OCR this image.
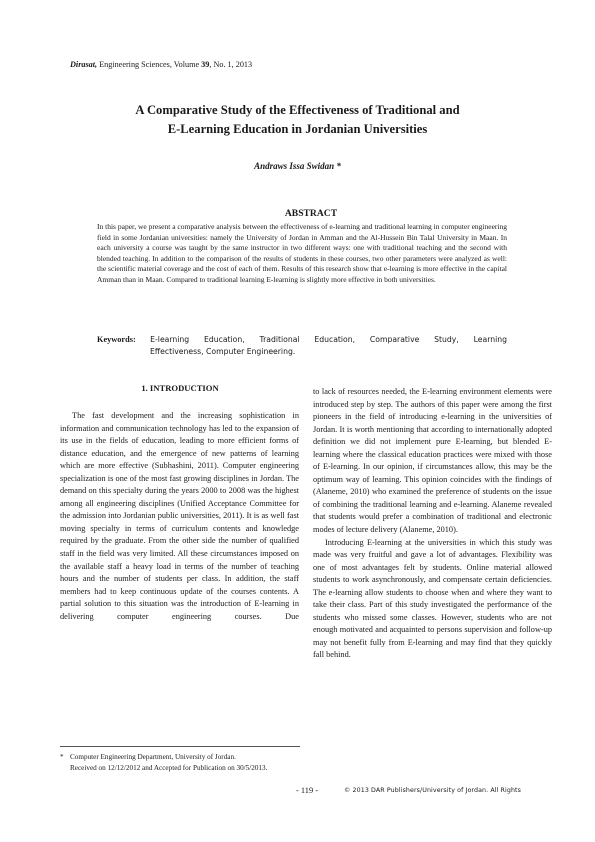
Dirasat, Engineering Sciences, Volume 39, No. 1, 2013
A Comparative Study of the Effectiveness of Traditional and
E-Learning Education in Jordanian Universities
Andraws Issa Swidan *
ABSTRACT
In this paper, we present a comparative analysis between the effectiveness of e-learning and traditional learning in computer engineering field in some Jordanian universities: namely the University of Jordan in Amman and the Al-Hussein Bin Talal University in Maan. In each university a course was taught by the same instructor in two different ways: one with traditional teaching and the second with blended teaching. In addition to the comparison of the results of students in these courses, two other parameters were analyzed as well: the scientific material coverage and the cost of each of them. Results of this research show that e-learning is more effective in the capital Amman than in Maan. Compared to traditional learning E-learning is slightly more effective in both universities.
Keywords: E-learning Education, Traditional Education, Comparative Study, Learning
Effectiveness, Computer Engineering.
1. INTRODUCTION

The fast development and the increasing sophistication in information and communication technology has led to the expansion of its use in the fields of education, leading to more efficient forms of distance education, and the emergence of new patterns of learning which are more effective (Subhashini, 2011). Computer engineering specialization is one of the most fast growing disciplines in Jordan. The demand on this specialty during the years 2000 to 2008 was the highest among all engineering disciplines (Unified Acceptance Committee for the admission into Jordanian public universities, 2011). It is as well fast moving specialty in terms of curriculum contents and knowledge required by the graduate. From the other side the number of qualified staff in the field was very limited. All these circumstances imposed on the available staff a heavy load in terms of the number of teaching hours and the number of students per class. In addition, the staff members had to keep continuous update of the courses contents. A partial solution to this situation was the introduction of E-learning in delivering computer engineering courses. Due

to lack of resources needed, the E-learning environment elements were introduced step by step. The authors of this paper were among the first pioneers in the field of introducing e-learning in the universities of Jordan. It is worth mentioning that according to internationally adopted definition we did not implement pure E-learning, but blended E-learning where the classical education practices were mixed with those of E-learning. In our opinion, if circumstances allow, this may be the optimum way of learning. This opinion coincides with the findings of (Alaneme, 2010) who examined the preference of students on the issue of combining the traditional learning and e-learning. Alaneme revealed that students would prefer a combination of traditional and electronic modes of lecture delivery (Alaneme, 2010).

Introducing E-learning at the universities in which this study was made was very fruitful and gave a lot of advantages. Flexibility was one of most advantages felt by students. Online material allowed students to work asynchronously, and compensate certain deficiencies. The e-learning allow students to choose when and where they want to take their class. Part of this study investigated the performance of the students who missed some classes. However, students who are not enough motivated and acquainted to persons supervision and follow-up may not benefit fully from E-learning and may find that they quickly fall behind.

* Computer Engineering Department, University of Jordan.
Received on 12/12/2012 and Accepted for Publication on 30/5/2013.
- 119 -	© 2013 DAR Publishers/University of Jordan. All Rights
